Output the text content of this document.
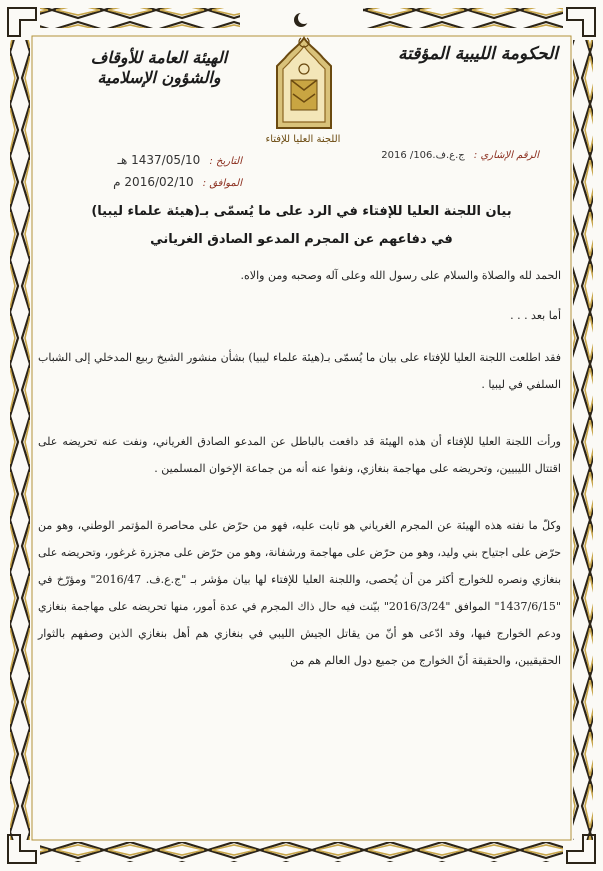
الحكومة الليبية المؤقتة
الهيئة العامة للأوقاف
والشؤون الإسلامية
اللجنة العليا للإفتاء
الرقم الإشاري : ج.ع.ف.106/ 2016
التاريخ : 1437/05/10 هـ
الموافق : 2016/02/10 م
بيان اللجنة العليا للإفتاء في الرد على ما يُسمّى بـ(هيئة علماء ليبيا)
في دفاعهم عن المجرم المدعو الصادق الغرياني

الحمد لله والصلاة والسلام على رسول الله وعلى آله وصحبه ومن والاه.

أما بعد . . .

فقد اطلعت اللجنة العليا للإفتاء على بيان ما يُسمّى بـ(هيئة علماء ليبيا) بشأن منشور الشيخ ربيع المدخلي إلى الشباب السلفي في ليبيا .

ورأت اللجنة العليا للإفتاء أن هذه الهيئة قد دافعت بالباطل عن المدعو الصادق الغرياني، ونفت عنه تحريضه على اقتتال الليبيين، وتحريضه على مهاجمة بنغازي، ونفوا عنه أنه من جماعة الإخوان المسلمين .

وكلّ ما نفته هذه الهيئة عن المجرم الغرياني هو ثابت عليه، فهو من حرّض على محاصرة المؤتمر الوطني، وهو من حرّض على اجتياح بني وليد، وهو من حرّض على مهاجمة ورشفانة، وهو من حرّض على مجزرة غرغور، وتحريضه على بنغازي ونصره للخوارج أكثر من أن يُحصى، واللجنة العليا للإفتاء لها بيان مؤشر بـ "ج.ع.ف. 2016/47" ومؤرّخ في "1437/6/15" الموافق "2016/3/24" بيّنت فيه حال ذاك المجرم في عدة أمور، منها تحريضه على مهاجمة بنغازي ودعم الخوارج فيها، وقد ادّعى هو أنّ من يقاتل الجيش الليبي في بنغازي هم أهل بنغازي الذين وصفهم بالثوار الحقيقيين، والحقيقة أنّ الخوارج من جميع دول العالم هم من
